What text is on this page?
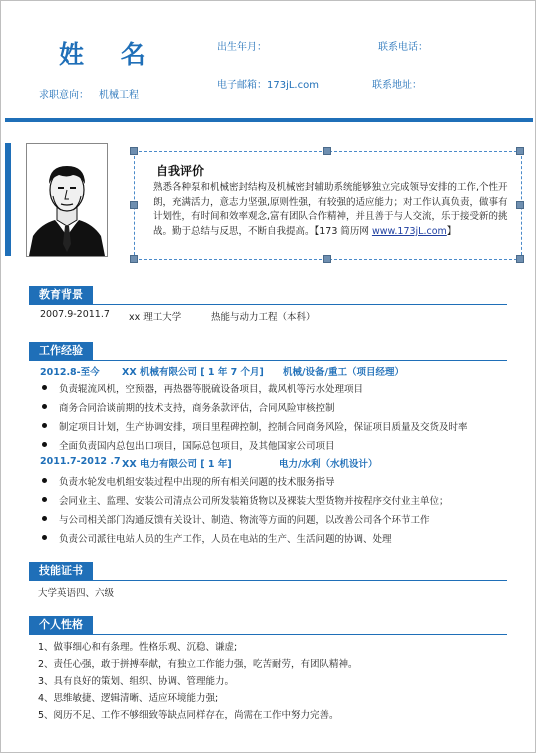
姓 名
求职意向： 机械工程
出生年月：	联系电话：
电子邮箱：173jL.com	联系地址：
自我评价
熟悉各种泵和机械密封结构及机械密封辅助系统能够独立完成领导安排的工作,个性开朗，充满活力，意志力坚强,原则性强，有较强的适应能力；对工作认真负责，做事有计划性，有时间和效率观念,富有团队合作精神，并且善于与人交流，乐于接受新的挑战。勤于总结与反思，不断自我提高。【173 简历网 www.173jL.com】
教育背景
2007.9-2011.7 xx 理工大学	热能与动力工程（本科）
工作经验
2012.8-至今 XX 机械有限公司 [ 1 年 7 个月] 机械/设备/重工（项目经理）
负责辊流风机，空预器，再热器等脱硫设备项目，裁风机等污水处理项目
商务合同洽谈前期的技术支持，商务条款评估，合同风险审核控制
制定项目计划，生产协调安排，项目里程碑控制，控制合同商务风险，保证项目质量及交货及时率
全面负责国内总包出口项目，国际总包项目，及其他国家公司项目
2011.7-2012 .7 XX 电力有限公司 [ 1 年]	电力/水利（水机设计）
负责水轮发电机组安装过程中出现的所有相关问题的技术服务指导
会同业主、监理、安装公司清点公司所发装箱货物以及裸装大型货物并按程序交付业主单位；
与公司相关部门沟通反馈有关设计、制造、物流等方面的问题，以改善公司各个环节工作
负责公司派往电站人员的生产工作，人员在电站的生产、生活问题的协调、处理
技能证书
大学英语四、六级
个人性格
1、做事细心和有条理。性格乐观、沉稳、谦虚;
2、责任心强，敢于拼搏奉献，有独立工作能力强，吃苦耐劳，有团队精神。
3、具有良好的策划、组织、协调、管理能力。
4、思维敏捷、逻辑清晰、适应环境能力强;
5、阅历不足、工作不够细致等缺点同样存在，尚需在工作中努力完善。
